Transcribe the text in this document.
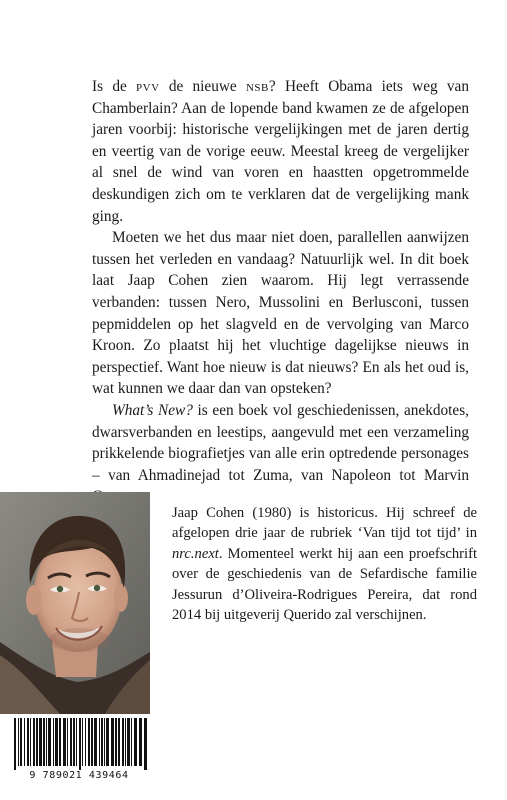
Is de pvv de nieuwe nsb? Heeft Obama iets weg van Chamberlain? Aan de lopende band kwamen ze de afgelopen jaren voorbij: historische vergelijkingen met de jaren dertig en veertig van de vorige eeuw. Meestal kreeg de vergelijker al snel de wind van voren en haastten opgetrommelde deskundigen zich om te verklaren dat de vergelijking mank ging.

Moeten we het dus maar niet doen, parallellen aanwijzen tussen het verleden en vandaag? Natuurlijk wel. In dit boek laat Jaap Cohen zien waarom. Hij legt verrassende verbanden: tussen Nero, Mussolini en Berlusconi, tussen pepmiddelen op het slagveld en de vervolging van Marco Kroon. Zo plaatst hij het vluchtige dagelijkse nieuws in perspectief. Want hoe nieuw is dat nieuws? En als het oud is, wat kunnen we daar dan van opsteken?

What’s New? is een boek vol geschiedenissen, anekdotes, dwarsverbanden en leestips, aangevuld met een verzameling prikkelende biografietjes van alle erin optredende personages – van Ahmadinejad tot Zuma, van Napoleon tot Marvin

Jaap Cohen (1980) is historicus. Hij schreef de afgelopen drie jaar de rubriek ‘Van tijd tot tijd’ in nrc.next. Momenteel werkt hij aan een proefschrift over de geschiedenis van de Sefardische familie Jessurun d’Oliveira-Rodrigues Pereira, dat rond 2014 bij uitgeverij Querido zal verschijnen.
9 789021 439464
